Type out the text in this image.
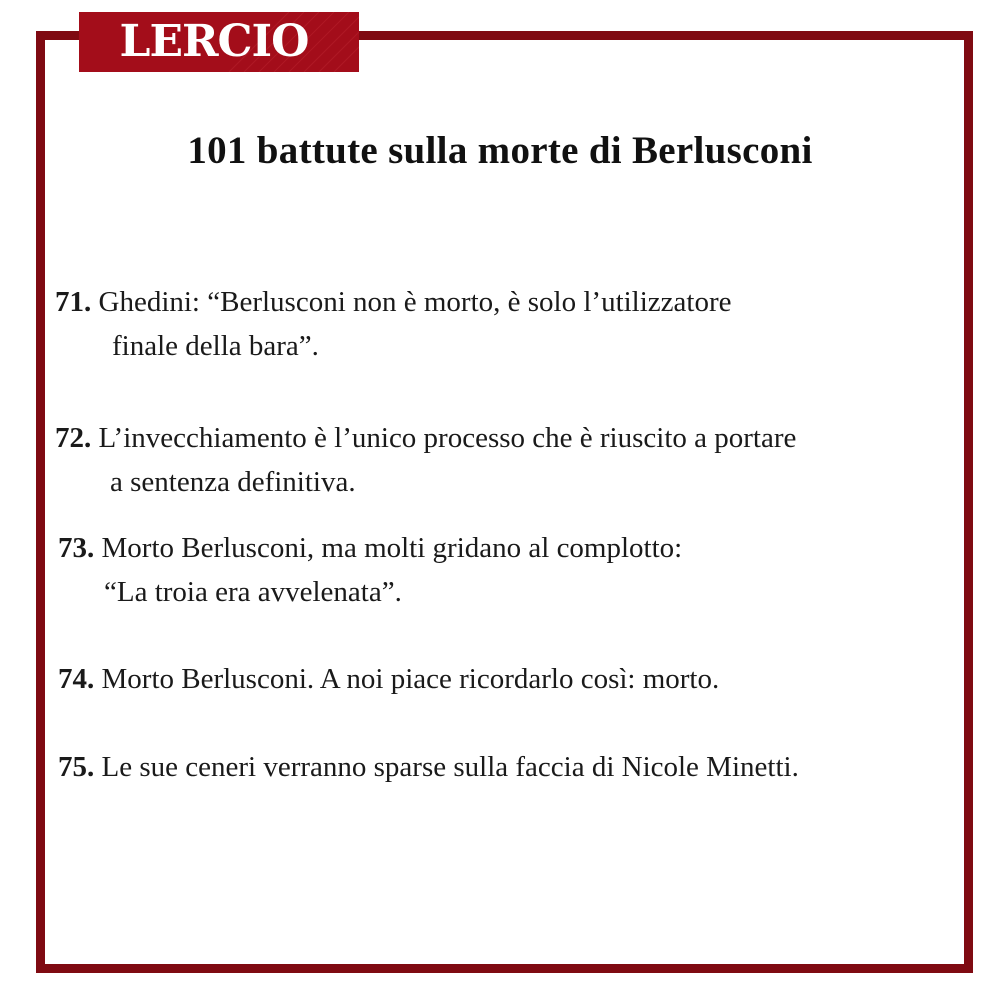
LERCIO
101 battute sulla morte di Berlusconi

71. Ghedini: “Berlusconi non è morto, è solo l’utilizzatore
finale della bara”.

72. L’invecchiamento è l’unico processo che è riuscito a portare
a sentenza definitiva.

73. Morto Berlusconi, ma molti gridano al complotto:
“La troia era avvelenata”.

74. Morto Berlusconi. A noi piace ricordarlo così: morto.

75. Le sue ceneri verranno sparse sulla faccia di Nicole Minetti.
